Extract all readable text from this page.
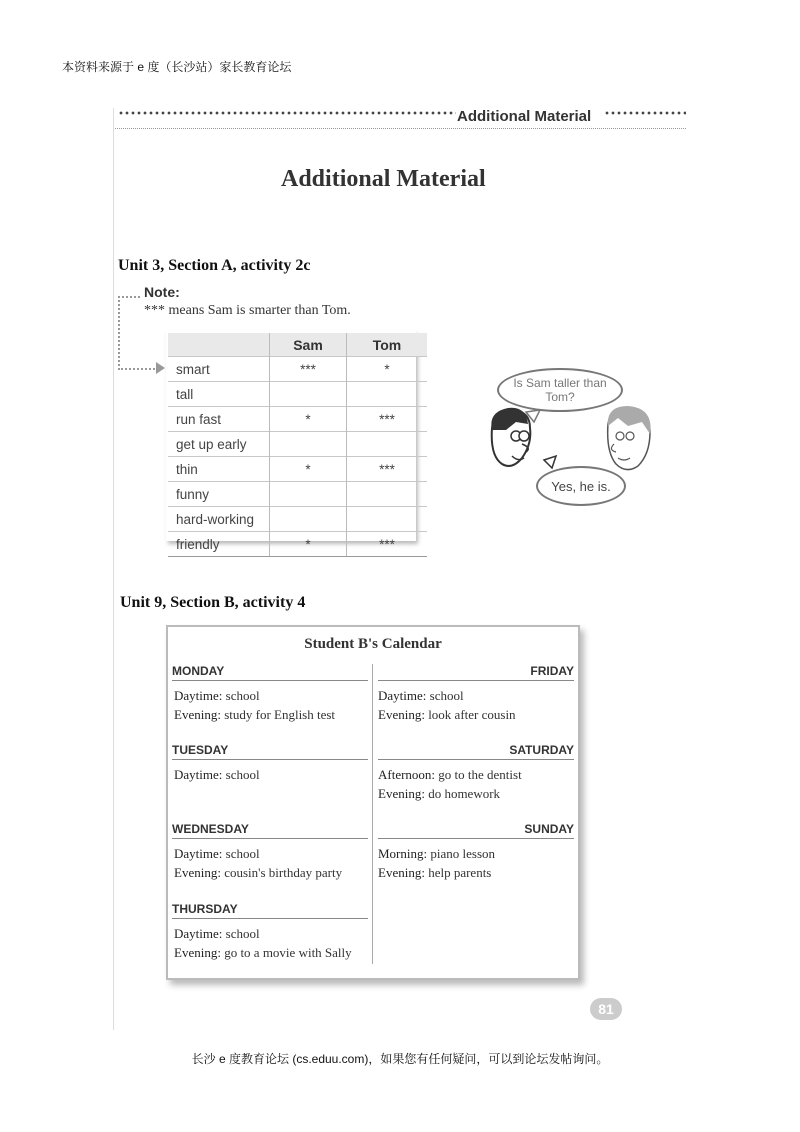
本资料来源于 e 度（长沙站）家长教育论坛
Additional Material
Additional Material
Unit 3, Section A, activity 2c
Note:
*** means Sam is smarter than Tom.
	Sam	Tom
smart	***	*
tall		
run fast	*	***
get up early		
thin	*	***
funny		
hard-working		
friendly	*	***
Is Sam taller than Tom?
Yes, he is.
Unit 9, Section B, activity 4
Student B's Calendar
MONDAY
Daytime: school
Evening: study for English test
TUESDAY
Daytime: school
WEDNESDAY
Daytime: school
Evening: cousin's birthday party
THURSDAY
Daytime: school
Evening: go to a movie with Sally
FRIDAY
Daytime: school
Evening: look after cousin
SATURDAY
Afternoon: go to the dentist
Evening: do homework
SUNDAY
Morning: piano lesson
Evening: help parents
81
长沙 e 度教育论坛 (cs.eduu.com)，如果您有任何疑问，可以到论坛发帖询问。
